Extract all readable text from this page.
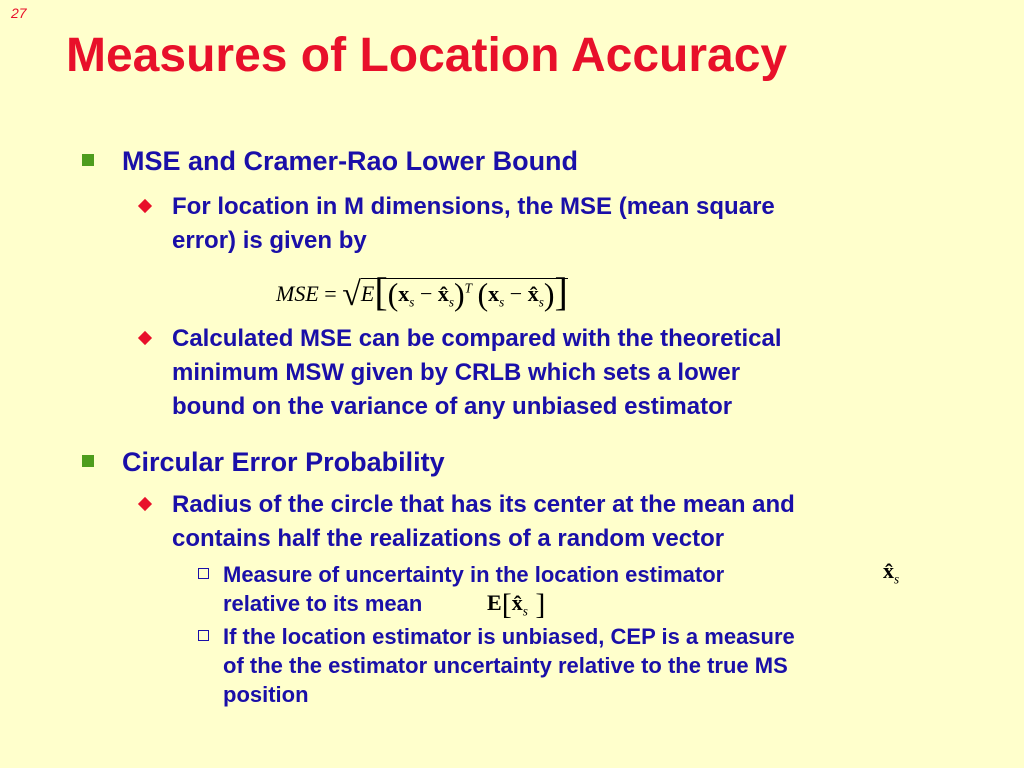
27
Measures of Location Accuracy
MSE and Cramer-Rao Lower Bound
For location in M dimensions, the MSE (mean square
error) is given by
MSE = $√E[(x_s$ − $x̂_s)^T$ ($x_s$ − $x̂_s$)]
Calculated MSE can be compared with the theoretical
minimum MSW given by CRLB which sets a lower
bound on the variance of any unbiased estimator
Circular Error Probability
Radius of the circle that has its center at the mean and
contains half the realizations of a random vector
Measure of uncertainty in the location estimator
relative to its mean
$x̂_s$
$E[x̂_s$ ]
If the location estimator is unbiased, CEP is a measure
of the the estimator uncertainty relative to the true MS
position
